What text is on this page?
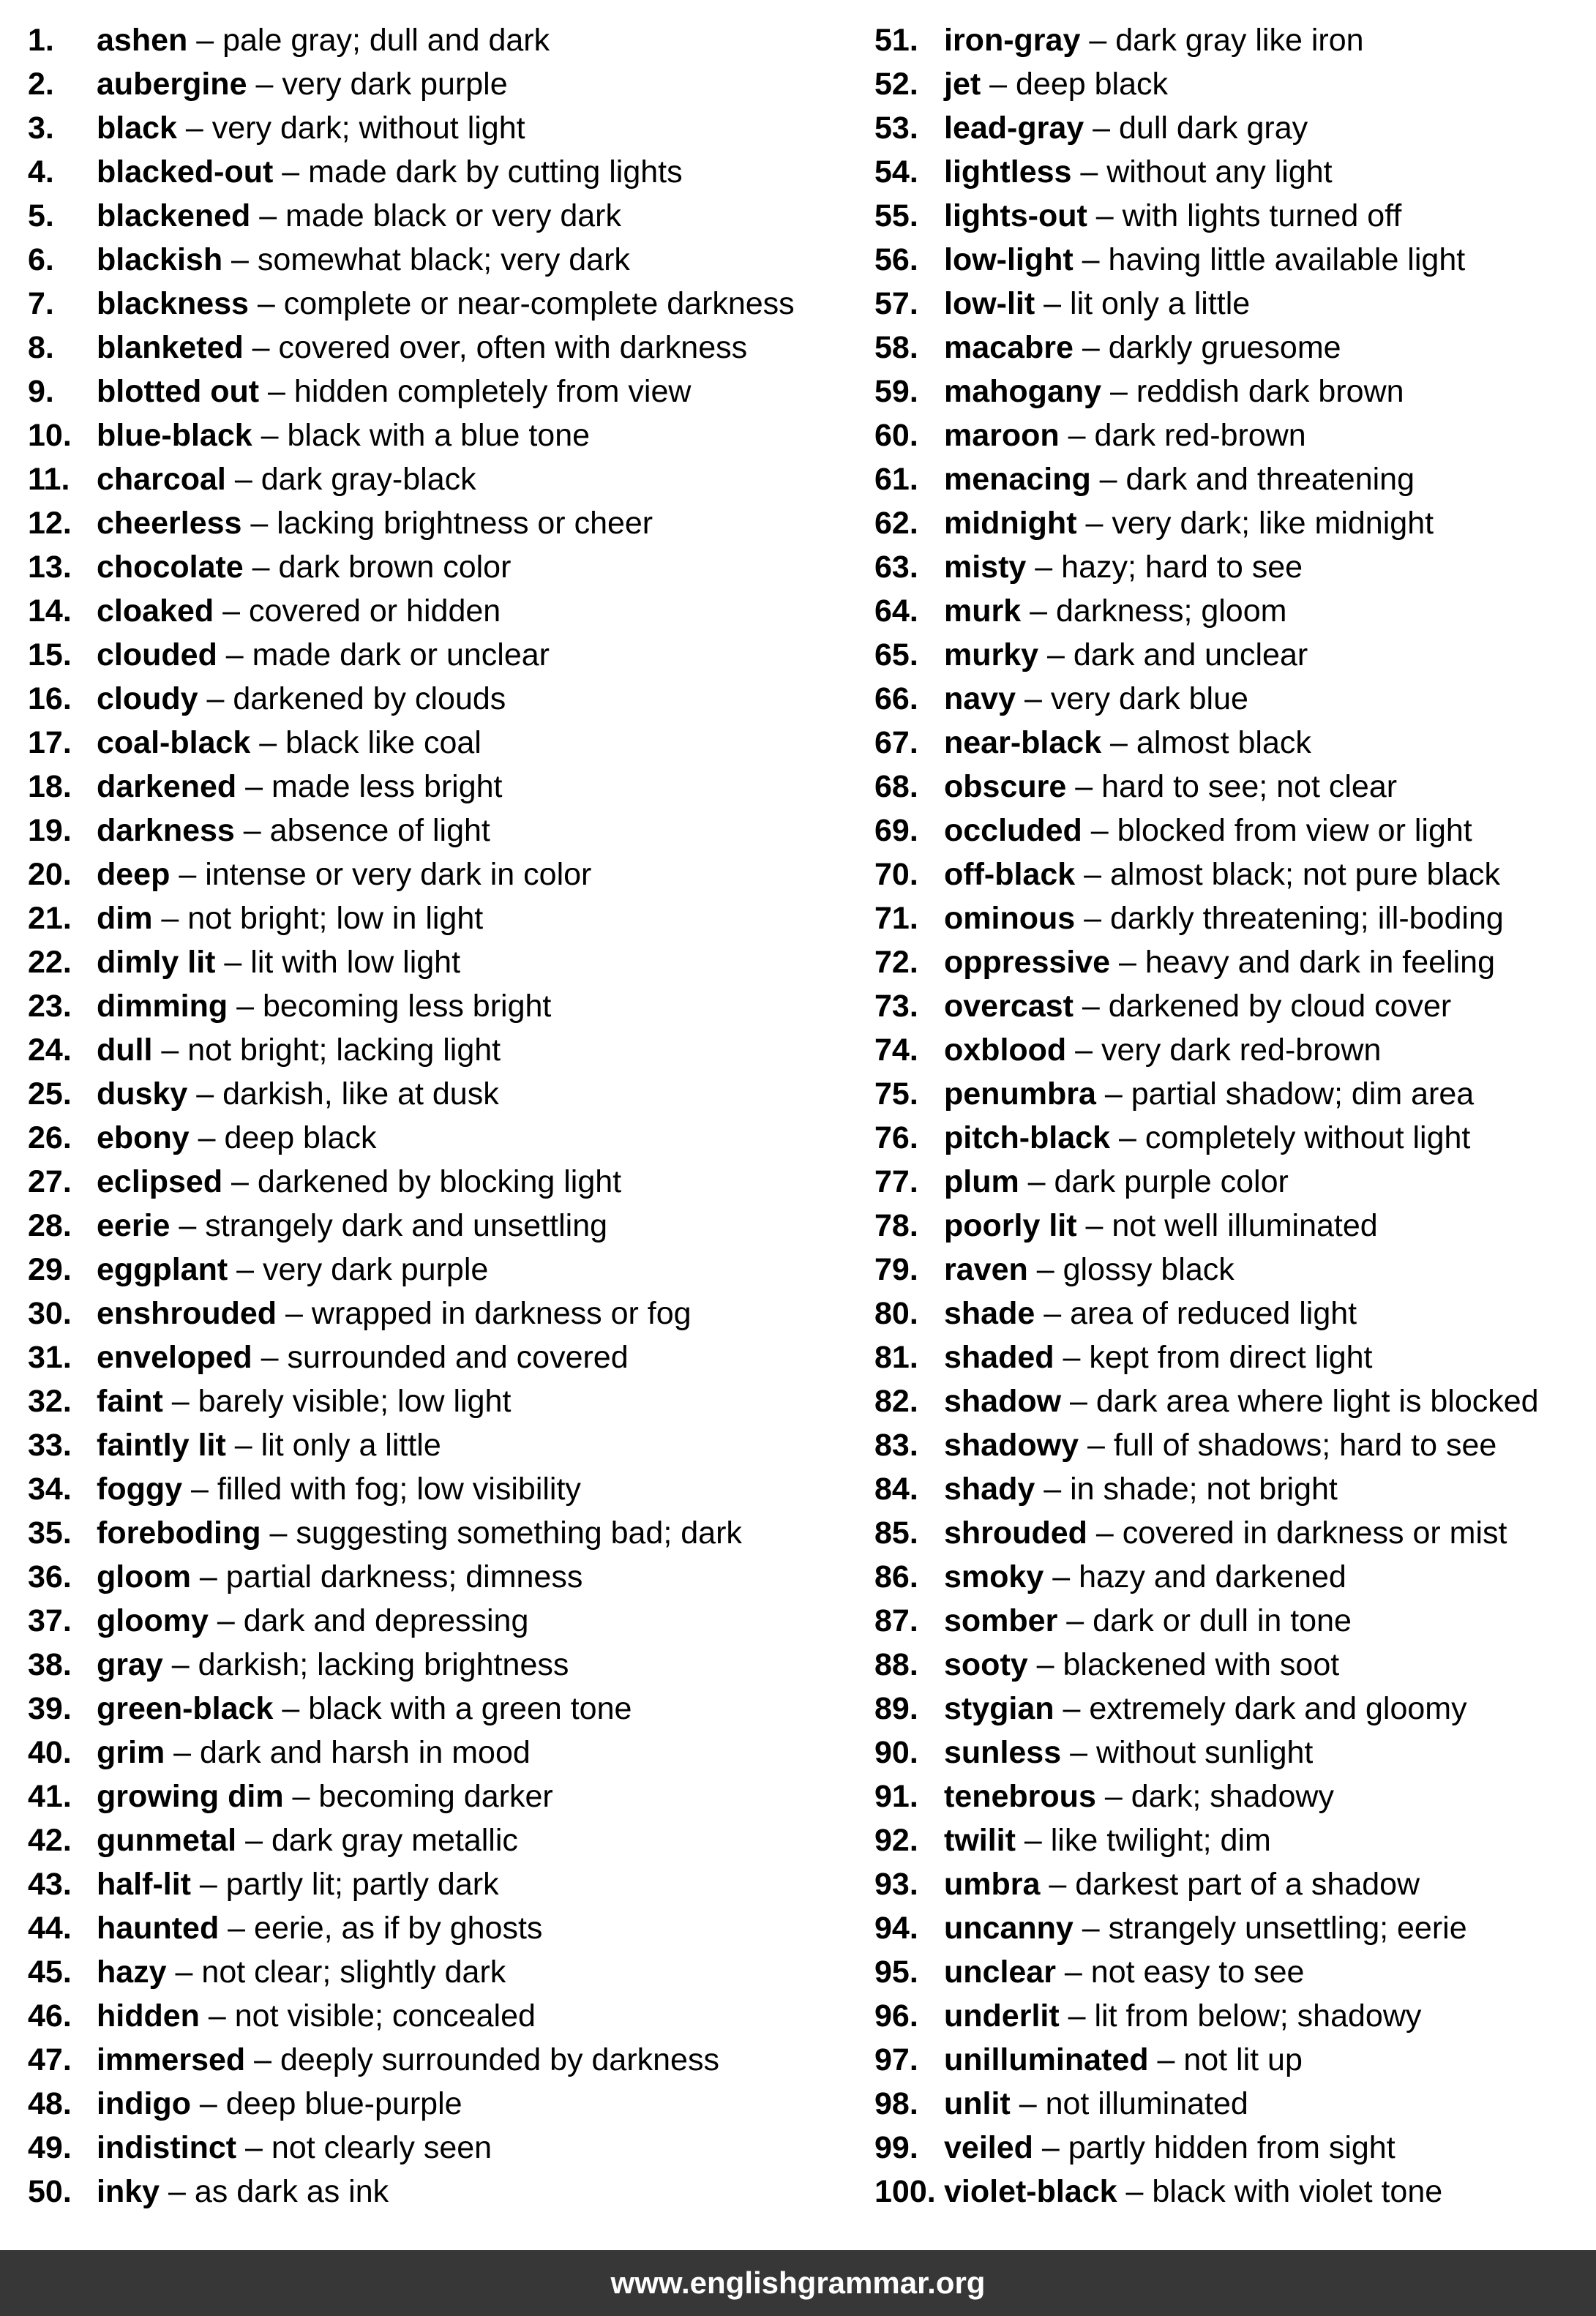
1. ashen – pale gray; dull and dark
2. aubergine – very dark purple
3. black – very dark; without light
4. blacked-out – made dark by cutting lights
5. blackened – made black or very dark
6. blackish – somewhat black; very dark
7. blackness – complete or near-complete darkness
8. blanketed – covered over, often with darkness
9. blotted out – hidden completely from view
10. blue-black – black with a blue tone
11. charcoal – dark gray-black
12. cheerless – lacking brightness or cheer
13. chocolate – dark brown color
14. cloaked – covered or hidden
15. clouded – made dark or unclear
16. cloudy – darkened by clouds
17. coal-black – black like coal
18. darkened – made less bright
19. darkness – absence of light
20. deep – intense or very dark in color
21. dim – not bright; low in light
22. dimly lit – lit with low light
23. dimming – becoming less bright
24. dull – not bright; lacking light
25. dusky – darkish, like at dusk
26. ebony – deep black
27. eclipsed – darkened by blocking light
28. eerie – strangely dark and unsettling
29. eggplant – very dark purple
30. enshrouded – wrapped in darkness or fog
31. enveloped – surrounded and covered
32. faint – barely visible; low light
33. faintly lit – lit only a little
34. foggy – filled with fog; low visibility
35. foreboding – suggesting something bad; dark
36. gloom – partial darkness; dimness
37. gloomy – dark and depressing
38. gray – darkish; lacking brightness
39. green-black – black with a green tone
40. grim – dark and harsh in mood
41. growing dim – becoming darker
42. gunmetal – dark gray metallic
43. half-lit – partly lit; partly dark
44. haunted – eerie, as if by ghosts
45. hazy – not clear; slightly dark
46. hidden – not visible; concealed
47. immersed – deeply surrounded by darkness
48. indigo – deep blue-purple
49. indistinct – not clearly seen
50. inky – as dark as ink
51. iron-gray – dark gray like iron
52. jet – deep black
53. lead-gray – dull dark gray
54. lightless – without any light
55. lights-out – with lights turned off
56. low-light – having little available light
57. low-lit – lit only a little
58. macabre – darkly gruesome
59. mahogany – reddish dark brown
60. maroon – dark red-brown
61. menacing – dark and threatening
62. midnight – very dark; like midnight
63. misty – hazy; hard to see
64. murk – darkness; gloom
65. murky – dark and unclear
66. navy – very dark blue
67. near-black – almost black
68. obscure – hard to see; not clear
69. occluded – blocked from view or light
70. off-black – almost black; not pure black
71. ominous – darkly threatening; ill-boding
72. oppressive – heavy and dark in feeling
73. overcast – darkened by cloud cover
74. oxblood – very dark red-brown
75. penumbra – partial shadow; dim area
76. pitch-black – completely without light
77. plum – dark purple color
78. poorly lit – not well illuminated
79. raven – glossy black
80. shade – area of reduced light
81. shaded – kept from direct light
82. shadow – dark area where light is blocked
83. shadowy – full of shadows; hard to see
84. shady – in shade; not bright
85. shrouded – covered in darkness or mist
86. smoky – hazy and darkened
87. somber – dark or dull in tone
88. sooty – blackened with soot
89. stygian – extremely dark and gloomy
90. sunless – without sunlight
91. tenebrous – dark; shadowy
92. twilit – like twilight; dim
93. umbra – darkest part of a shadow
94. uncanny – strangely unsettling; eerie
95. unclear – not easy to see
96. underlit – lit from below; shadowy
97. unilluminated – not lit up
98. unlit – not illuminated
99. veiled – partly hidden from sight
100. violet-black – black with violet tone
www.englishgrammar.org
